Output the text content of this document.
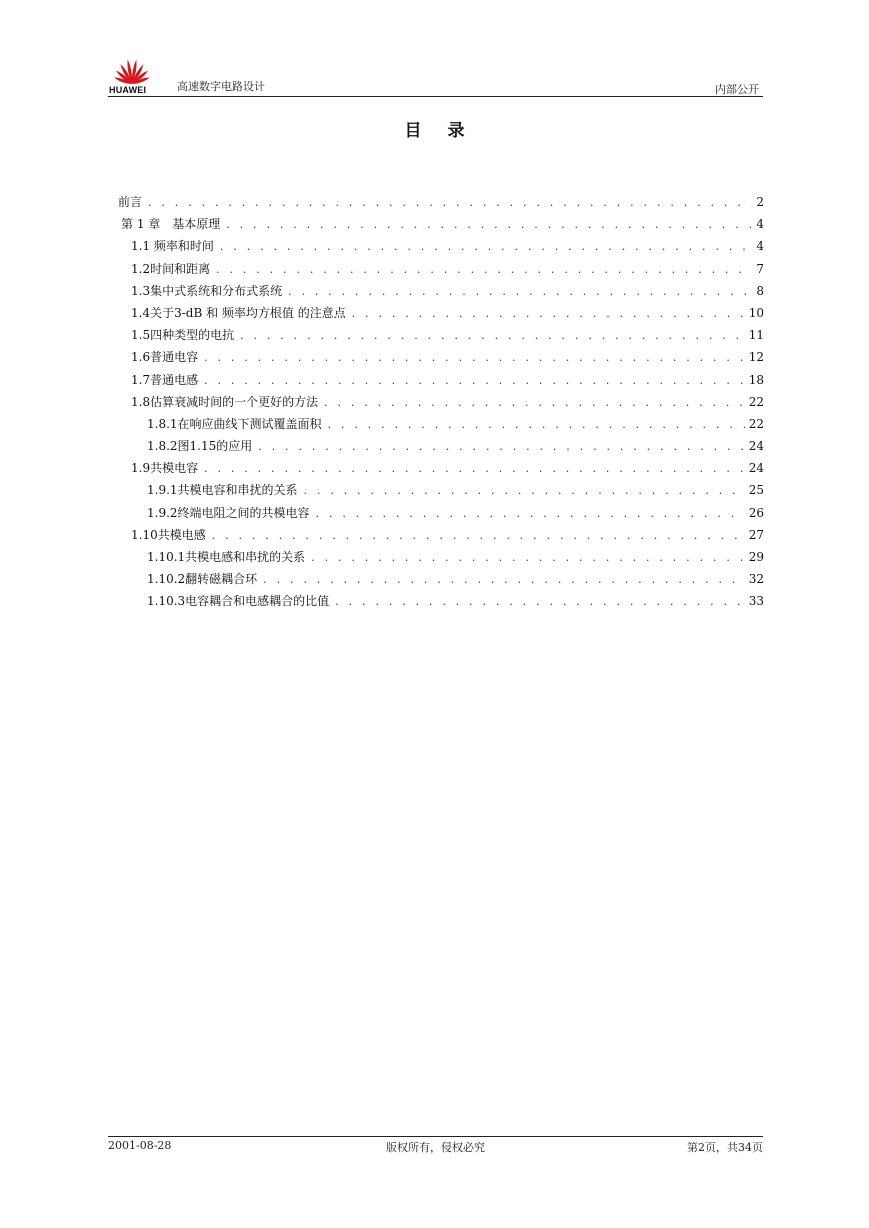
HUAWEI	高速数字电路设计	内部公开
目 录
前言 . . .	2
第 1 章　基本原理 . . .	4
1.1 频率和时间 . . .	4
1.2时间和距离 . . .	7
1.3集中式系统和分布式系统 . . .	8
1.4关于3-dB 和 频率均方根值 的注意点 . . .	10
1.5四种类型的电抗 . . .	11
1.6普通电容 . . .	12
1.7普通电感 . . .	18
1.8估算衰减时间的一个更好的方法 . . .	22
1.8.1在响应曲线下测试覆盖面积 . . .	22
1.8.2图1.15的应用 . . .	24
1.9共模电容 . . .	24
1.9.1共模电容和串扰的关系 . . .	25
1.9.2终端电阻之间的共模电容 . . .	26
1.10共模电感 . . .	27
1.10.1共模电感和串扰的关系 . . .	29
1.10.2翻转磁耦合环 . . .	32
1.10.3电容耦合和电感耦合的比值 . . .	33
2001-08-28	版权所有，侵权必究	第2页，共34页
